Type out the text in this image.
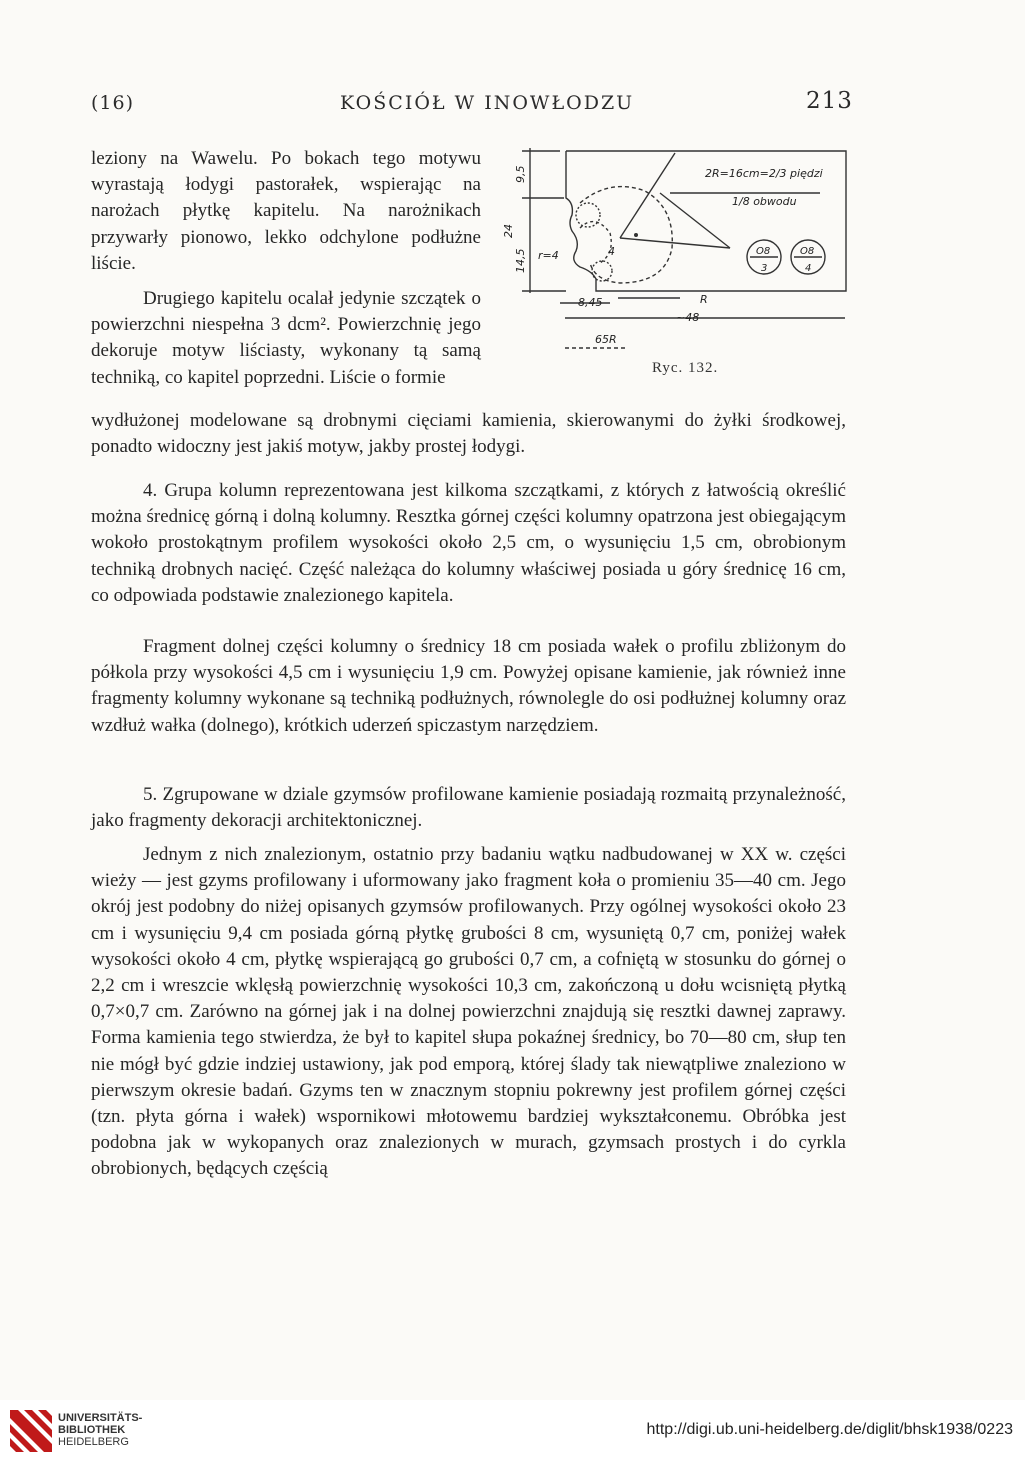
(16)	KOŚCIÓŁ W INOWŁODZU	213
2R=16cm=2/3 piędzi
1/8 obwodu
9,5
24
14,5 r=4	4
8,45	R
~48
65R
O8
3
O8
4
Ryc. 132.

leziony na Wawelu. Po bokach tego motywu wyrastają łodygi pastorałek, wspierając na narożach płytkę kapitelu. Na narożnikach przywarły pionowo, lekko odchylone podłużne liście.

Drugiego kapitelu ocalał jedynie szczątek o powierzchni niespełna 3 dcm². Powierzchnię jego dekoruje motyw liściasty, wykonany tą samą techniką, co kapitel poprzedni. Liście o formie

wydłużonej modelowane są drobnymi cięciami kamienia, skierowanymi do żyłki środkowej, ponadto widoczny jest jakiś motyw, jakby prostej łodygi.

4. Grupa kolumn reprezentowana jest kilkoma szczątkami, z których z łatwością określić można średnicę górną i dolną kolumny. Resztka górnej części kolumny opatrzona jest obiegającym wokoło prostokątnym profilem wysokości około 2,5 cm, o wysunięciu 1,5 cm, obrobionym techniką drobnych nacięć. Część należąca do kolumny właściwej posiada u góry średnicę 16 cm, co odpowiada podstawie znalezionego kapitela.

Fragment dolnej części kolumny o średnicy 18 cm posiada wałek o profilu zbliżonym do półkola przy wysokości 4,5 cm i wysunięciu 1,9 cm. Powyżej opisane kamienie, jak również inne fragmenty kolumny wykonane są techniką podłużnych, równolegle do osi podłużnej kolumny oraz wzdłuż wałka (dolnego), krótkich uderzeń spiczastym narzędziem.

5. Zgrupowane w dziale gzymsów profilowane kamienie posiadają rozmaitą przynależność, jako fragmenty dekoracji architektonicznej.

Jednym z nich znalezionym, ostatnio przy badaniu wątku nadbudowanej w XX w. części wieży — jest gzyms profilowany i uformowany jako fragment koła o promieniu 35—40 cm. Jego okrój jest podobny do niżej opisanych gzymsów profilowanych. Przy ogólnej wysokości około 23 cm i wysunięciu 9,4 cm posiada górną płytkę grubości 8 cm, wysuniętą 0,7 cm, poniżej wałek wysokości około 4 cm, płytkę wspierającą go grubości 0,7 cm, a cofniętą w stosunku do górnej o 2,2 cm i wreszcie wklęsłą powierzchnię wysokości 10,3 cm, zakończoną u dołu wcisniętą płytką 0,7×0,7 cm. Zarówno na górnej jak i na dolnej powierzchni znajdują się resztki dawnej zaprawy. Forma kamienia tego stwierdza, że był to kapitel słupa pokaźnej średnicy, bo 70—80 cm, słup ten nie mógł być gdzie indziej ustawiony, jak pod emporą, której ślady tak niewątpliwe znaleziono w pierwszym okresie badań. Gzyms ten w znacznym stopniu pokrewny jest profilem górnej części (tzn. płyta górna i wałek) wspornikowi młotowemu bardziej wykształconemu. Obróbka jest podobna jak w wykopanych oraz znalezionych w murach, gzymsach prostych i do cyrkla obrobionych, będących częścią

UNIVERSITÄTS-
BIBLIOTHEK
HEIDELBERG
http://digi.ub.uni-heidelberg.de/diglit/bhsk1938/0223
